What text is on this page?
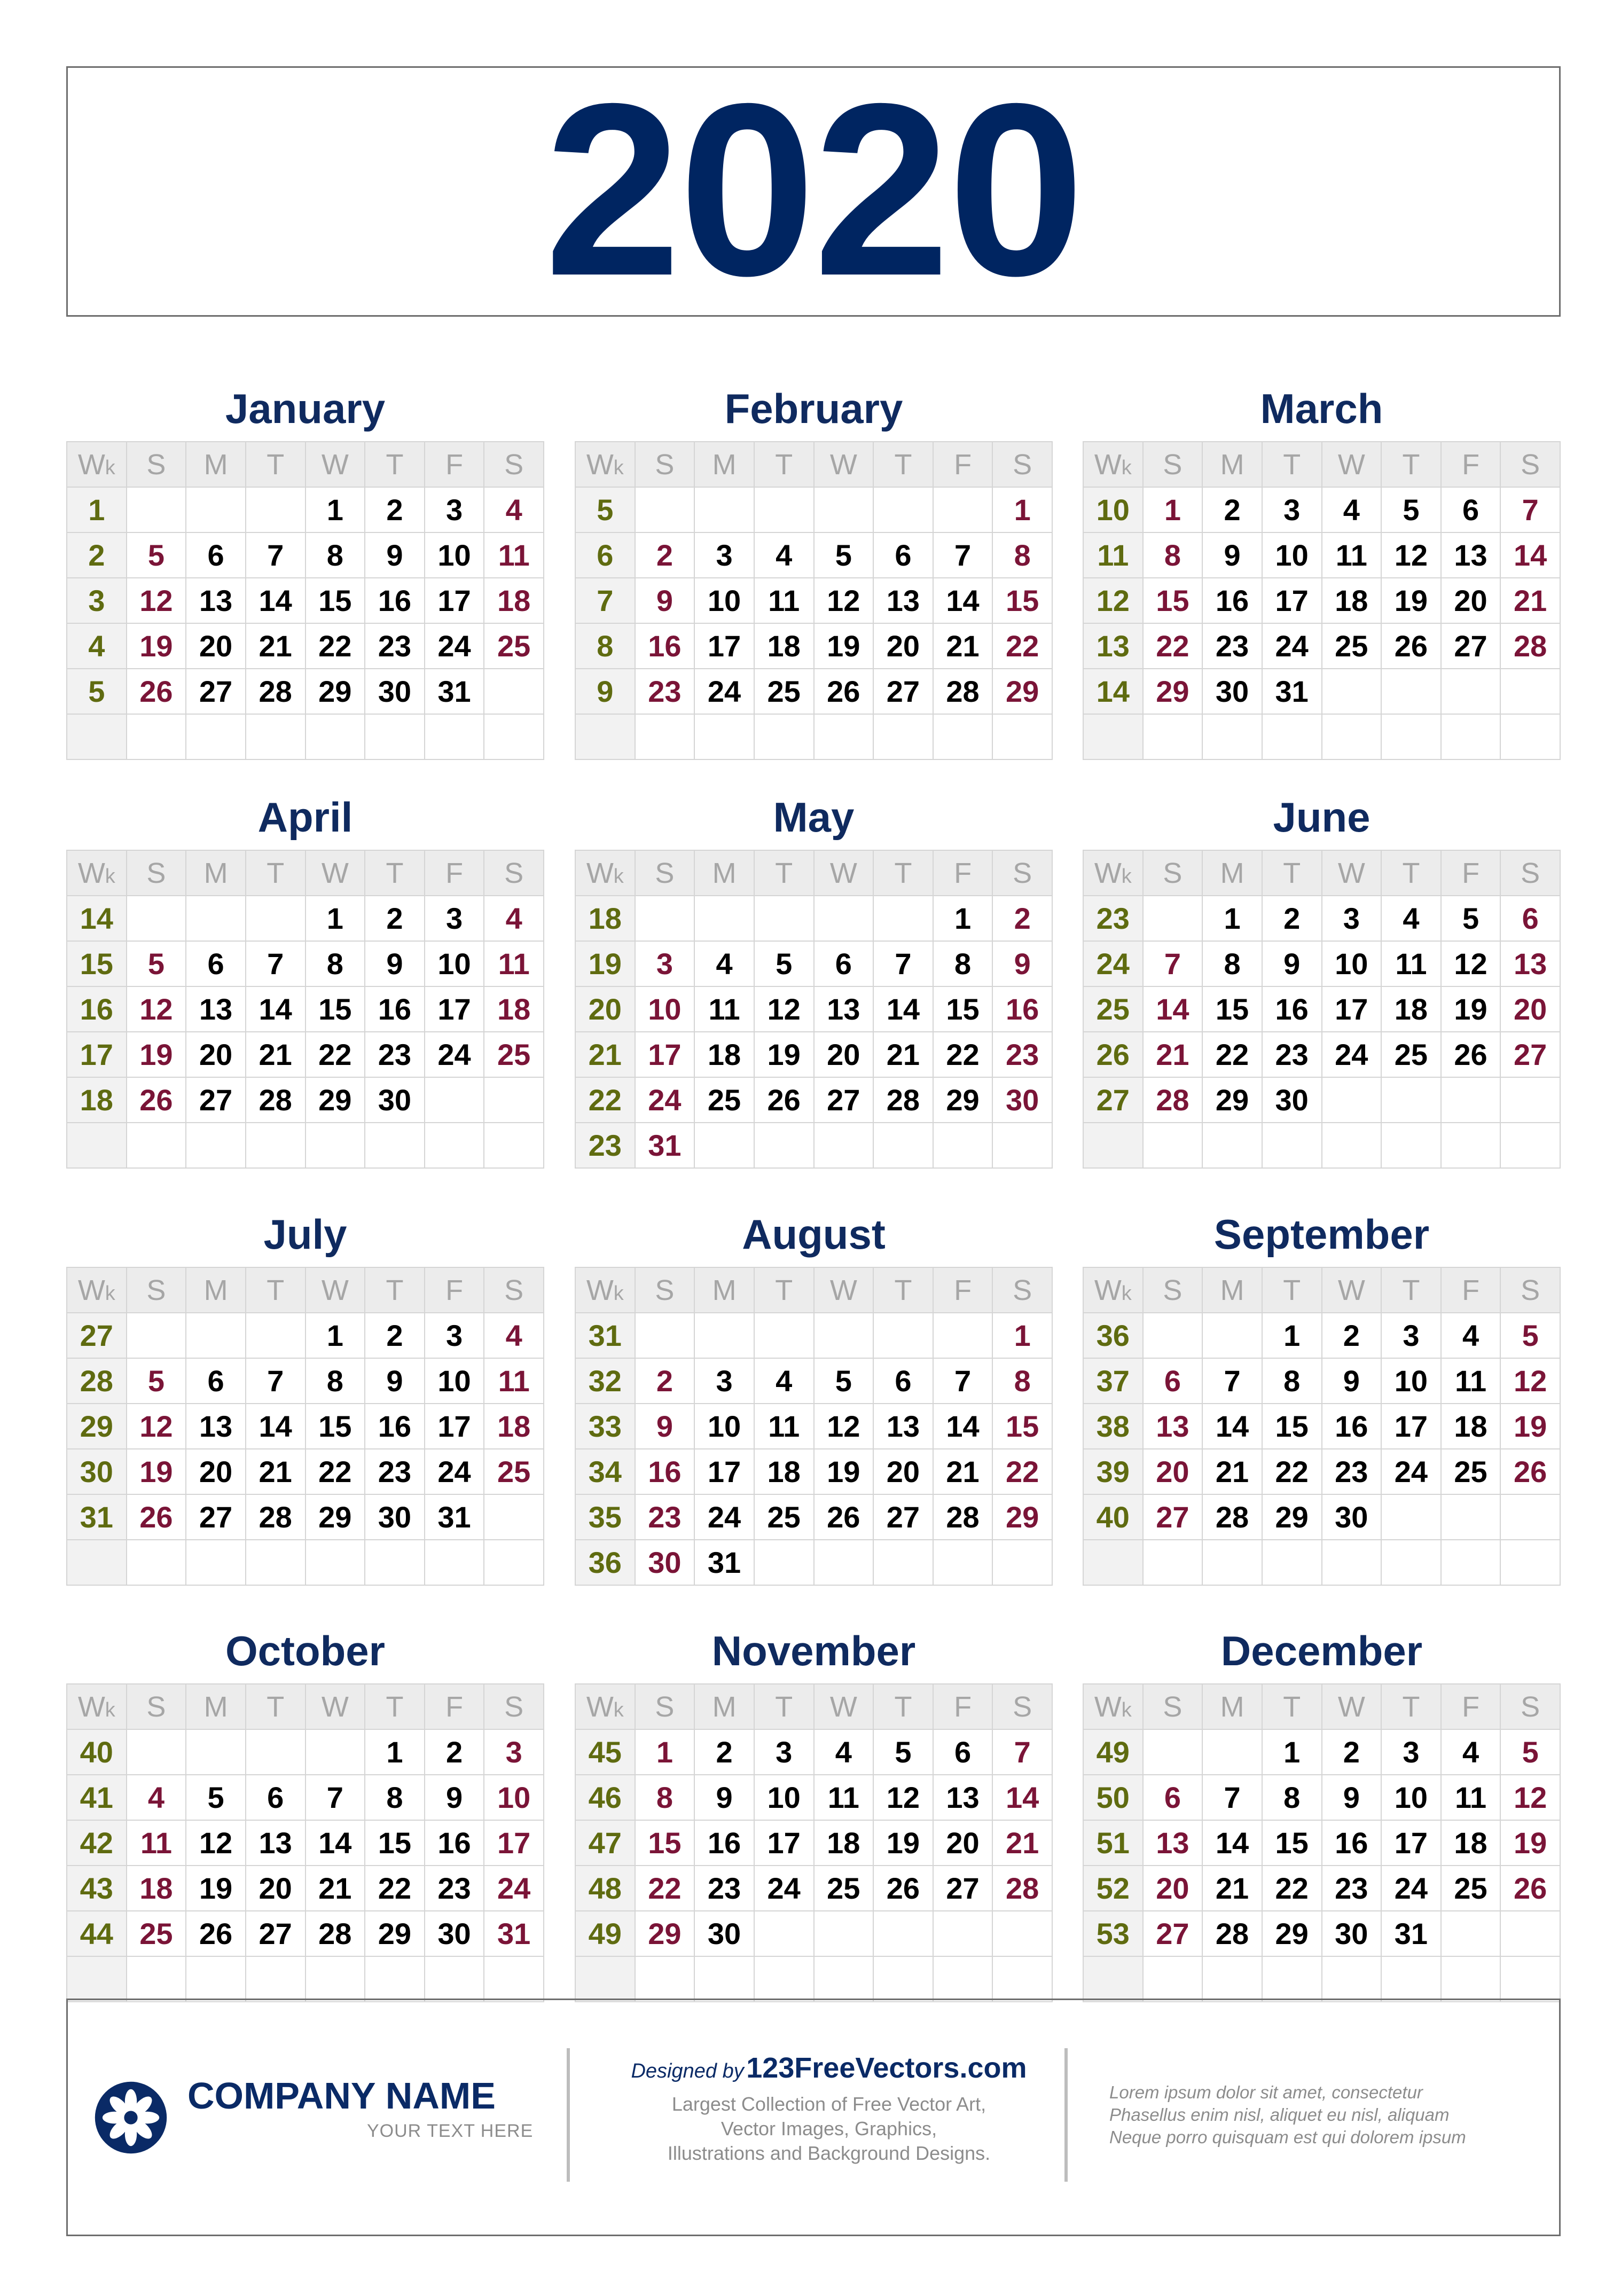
2020
January
Wk	S	M	T	W	T	F	S
1				1	2	3	4
2	5	6	7	8	9	10	11
3	12	13	14	15	16	17	18
4	19	20	21	22	23	24	25
5	26	27	28	29	30	31	

February
Wk	S	M	T	W	T	F	S
5							1
6	2	3	4	5	6	7	8
7	9	10	11	12	13	14	15
8	16	17	18	19	20	21	22
9	23	24	25	26	27	28	29

March
Wk	S	M	T	W	T	F	S
10	1	2	3	4	5	6	7
11	8	9	10	11	12	13	14
12	15	16	17	18	19	20	21
13	22	23	24	25	26	27	28
14	29	30	31				

April
Wk	S	M	T	W	T	F	S
14				1	2	3	4
15	5	6	7	8	9	10	11
16	12	13	14	15	16	17	18
17	19	20	21	22	23	24	25
18	26	27	28	29	30		

May
Wk	S	M	T	W	T	F	S
18						1	2
19	3	4	5	6	7	8	9
20	10	11	12	13	14	15	16
21	17	18	19	20	21	22	23
22	24	25	26	27	28	29	30
23	31						
June
Wk	S	M	T	W	T	F	S
23		1	2	3	4	5	6
24	7	8	9	10	11	12	13
25	14	15	16	17	18	19	20
26	21	22	23	24	25	26	27
27	28	29	30				

July
Wk	S	M	T	W	T	F	S
27				1	2	3	4
28	5	6	7	8	9	10	11
29	12	13	14	15	16	17	18
30	19	20	21	22	23	24	25
31	26	27	28	29	30	31	

August
Wk	S	M	T	W	T	F	S
31							1
32	2	3	4	5	6	7	8
33	9	10	11	12	13	14	15
34	16	17	18	19	20	21	22
35	23	24	25	26	27	28	29
36	30	31					
September
Wk	S	M	T	W	T	F	S
36			1	2	3	4	5
37	6	7	8	9	10	11	12
38	13	14	15	16	17	18	19
39	20	21	22	23	24	25	26
40	27	28	29	30			

October
Wk	S	M	T	W	T	F	S
40					1	2	3
41	4	5	6	7	8	9	10
42	11	12	13	14	15	16	17
43	18	19	20	21	22	23	24
44	25	26	27	28	29	30	31

November
Wk	S	M	T	W	T	F	S
45	1	2	3	4	5	6	7
46	8	9	10	11	12	13	14
47	15	16	17	18	19	20	21
48	22	23	24	25	26	27	28
49	29	30					

December
Wk	S	M	T	W	T	F	S
49			1	2	3	4	5
50	6	7	8	9	10	11	12
51	13	14	15	16	17	18	19
52	20	21	22	23	24	25	26
53	27	28	29	30	31		

COMPANY NAME
YOUR TEXT HERE
Designed by 123FreeVectors.com
Largest Collection of Free Vector Art,
Vector Images, Graphics,
Illustrations and Background Designs.
Lorem ipsum dolor sit amet, consectetur
Phasellus enim nisl, aliquet eu nisl, aliquam
Neque porro quisquam est qui dolorem ipsum
